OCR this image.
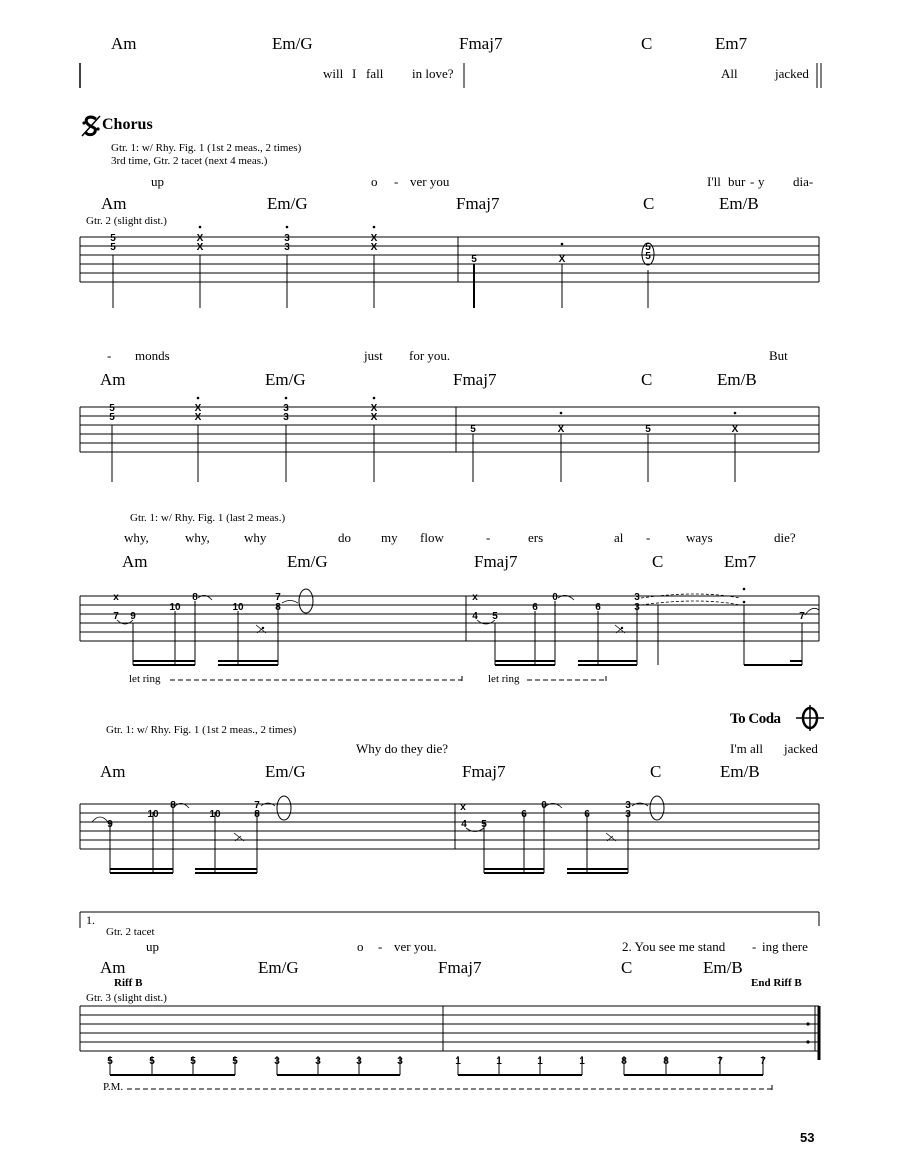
Am	Em/G	Fmaj7	C	Em7
will I fall in love?	All	jacked
Chorus
Gtr. 1: w/ Rhy. Fig. 1 (1st 2 meas., 2 times)
3rd time, Gtr. 2 tacet (next 4 meas.)
up	o - ver you	I'll bur - y dia-
Am	Em/G	Fmaj7	C	Em/B
Gtr. 2 (slight dist.)
- monds	just for you.	But
Am	Em/G	Fmaj7	C	Em/B
Gtr. 1: w/ Rhy. Fig. 1 (last 2 meas.)
why,	why,	why	do my flow	-	ers	al -	ways	die?
Am	Em/G	Fmaj7	C	Em7
let ring	let ring
Gtr. 1: w/ Rhy. Fig. 1 (1st 2 meas., 2 times)
To Coda
Why do they die?	I'm all jacked
Am	Em/G	Fmaj7	C	Em/B
1.
Gtr. 2 tacet
up	o - ver you.	2. You see me stand - ing there
Am	Em/G	Fmaj7	C	Em/B
Riff B	End Riff B
Gtr. 3 (slight dist.)
P.M.
53
5
5
X
X
3
3
X
X
5	X
5
5
5
5
X
X
3
3
X
X
5	X	5	X
x
7 9
10
8
10
7
8
x
4 5
6
0
6
3
3
7
9
10
8
10
7
8
x
4 5
6
0
6
3
3
5	5	5	5	3	3	3	3	1	1	1	1	8	8	7	7
